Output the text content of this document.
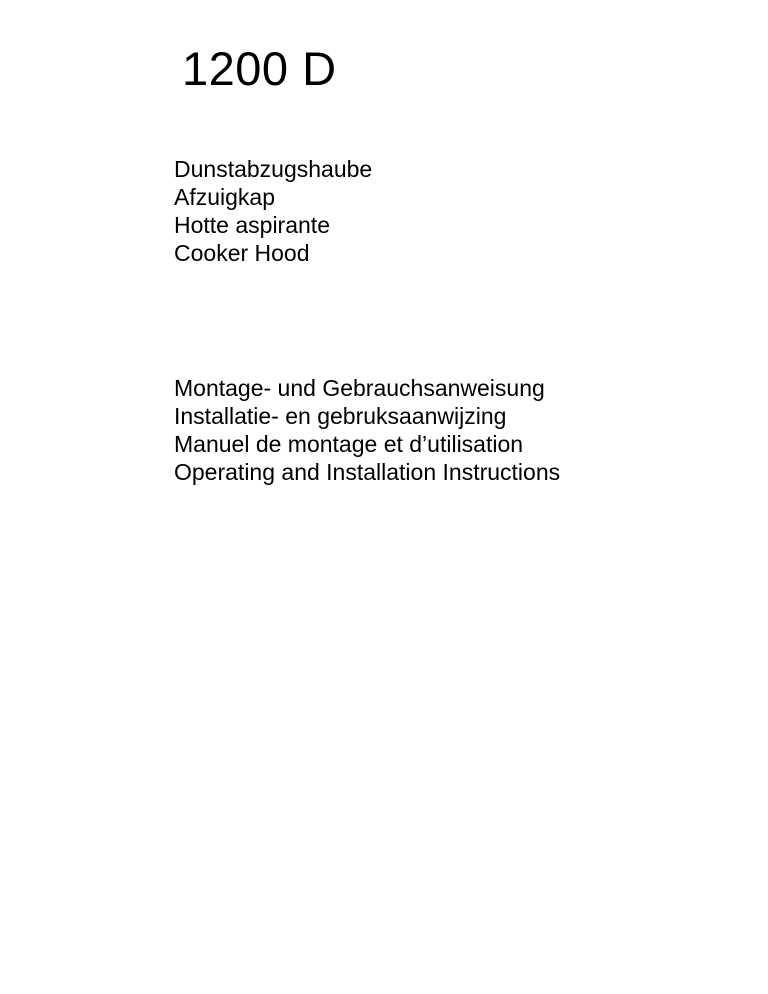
1200 D
Dunstabzugshaube
Afzuigkap
Hotte aspirante
Cooker Hood
Montage- und Gebrauchsanweisung
Installatie- en gebruksaanwijzing
Manuel de montage et d’utilisation
Operating and Installation Instructions
